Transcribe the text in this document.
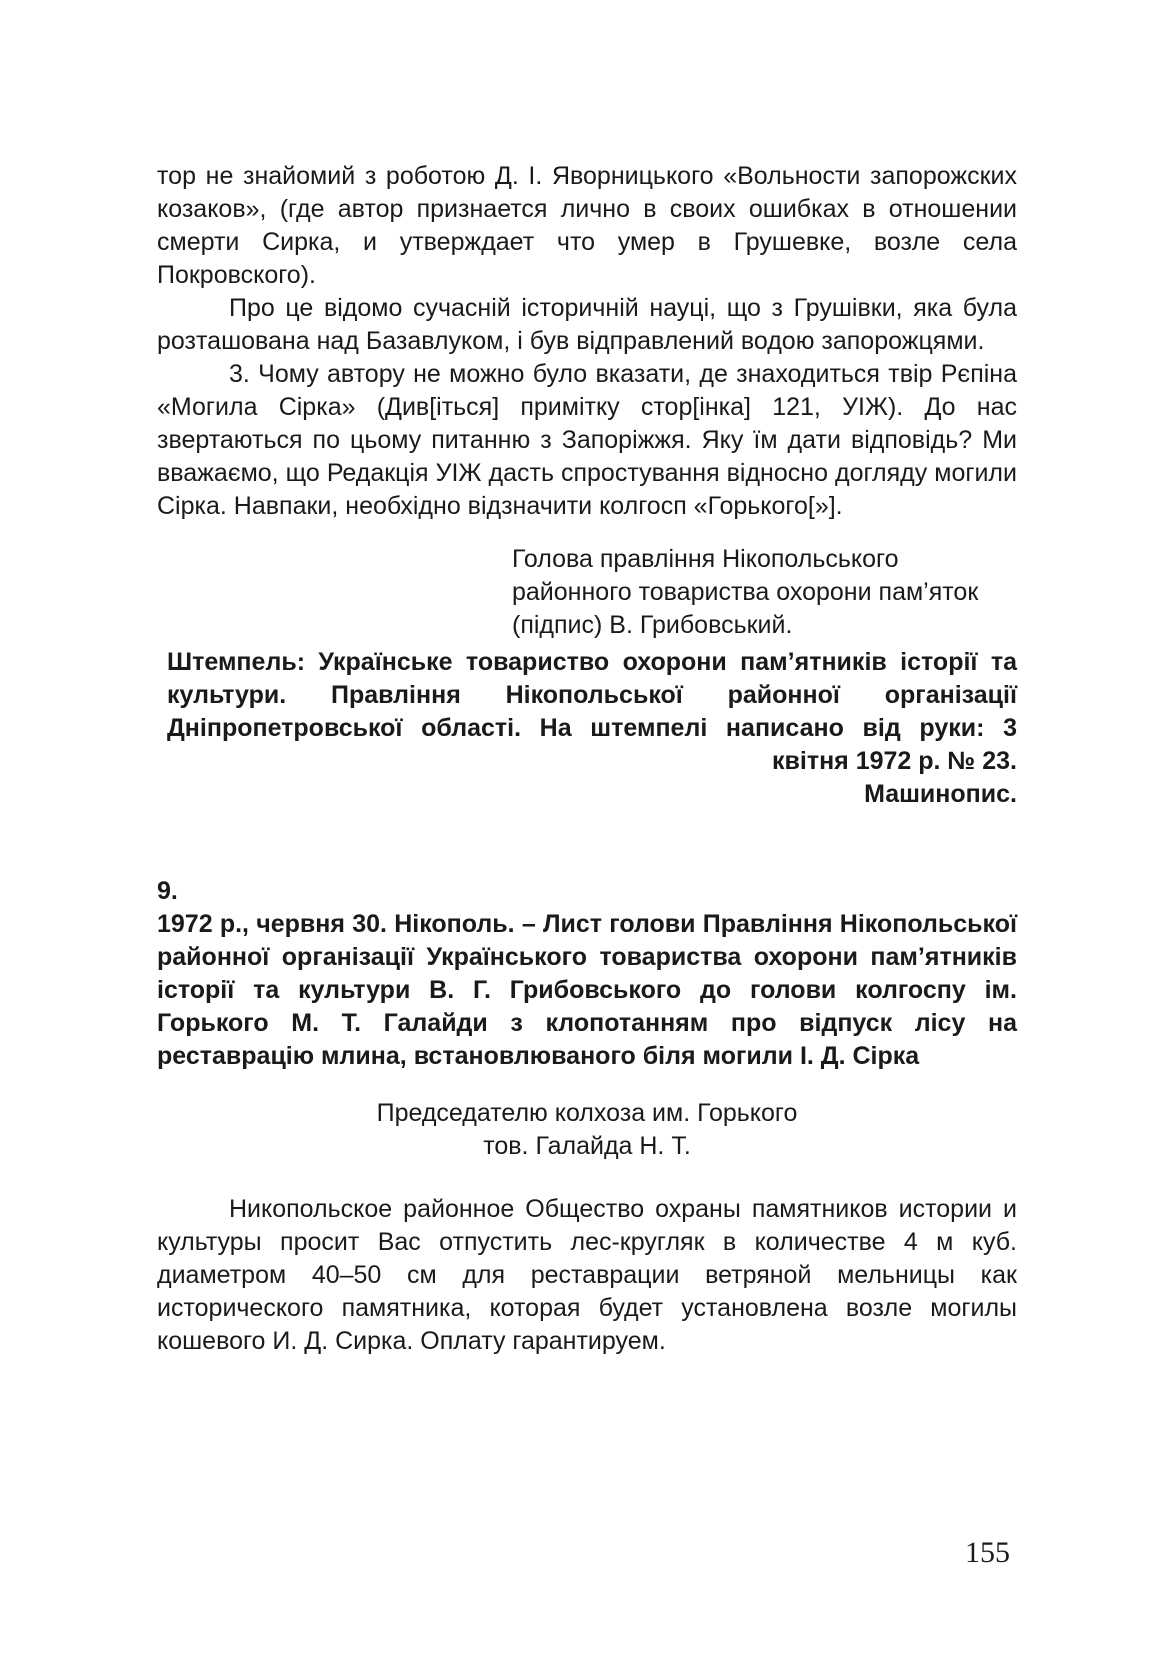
тор не знайомий з роботою Д. І. Яворницького «Вольности запорожских козаков», (где автор признается лично в своих ошибках в отношении смерти Сирка, и утверждает что умер в Грушевке, возле села Покровского).

Про це відомо сучасній історичній науці, що з Грушівки, яка була розташована над Базавлуком, і був відправлений водою запорожцями.

3. Чому автору не можно було вказати, де знаходиться твір Рєпіна «Могила Сірка» (Див[іться] примітку стор[інка] 121, УІЖ). До нас звертаються по цьому питанню з Запоріжжя. Яку їм дати відповідь? Ми вважаємо, що Редакція УІЖ дасть спростування відносно догляду могили Сірка. Навпаки, необхідно відзначити колгосп «Горького[»].

Голова правління Нікопольського
районного товариства охорони пам’яток
(підпис) В. Грибовський.

Штемпель: Українське товариство охорони пам’ятників історії та культури. Правління Нікопольської районної організації Дніпропетровської області. На штемпелі написано від руки: 3 квітня 1972 р. № 23.

Машинопис.

9.

1972 р., червня 30. Нікополь. – Лист голови Правління Нікопольської районної організації Українського товариства охорони пам’ятників історії та культури В. Г. Грибовського до голови колгоспу ім. Горького М. Т. Галайди з клопотанням про відпуск лісу на реставрацію млина, встановлюваного біля могили І. Д. Сірка

Председателю колхоза им. Горького
тов. Галайда Н. Т.

Никопольское районное Общество охраны памятников истории и культуры просит Вас отпустить лес-кругляк в количестве 4 м куб. диаметром 40–50 см для реставрации ветряной мельницы как исторического памятника, которая будет установлена возле могилы кошевого И. Д. Сирка. Оплату гарантируем.

155
